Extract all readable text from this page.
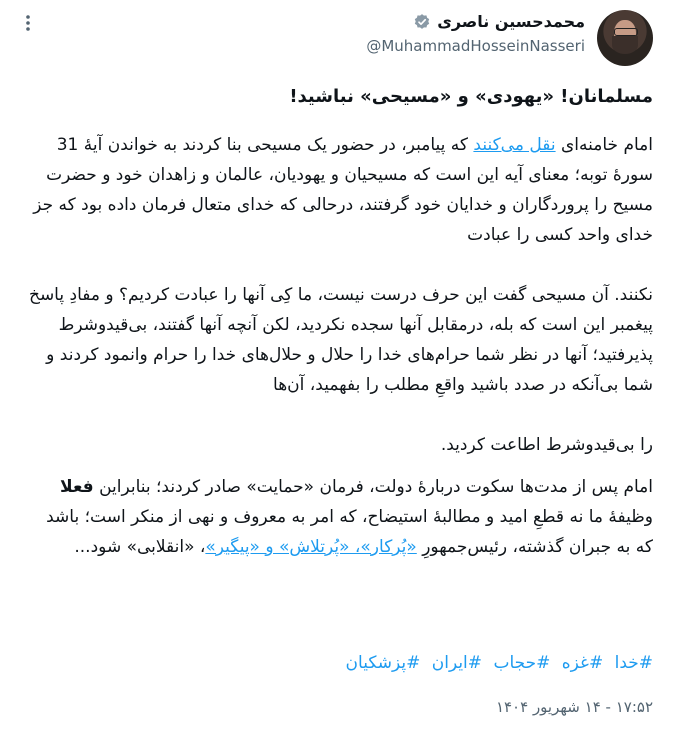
محمدحسین ناصری
@MuhammadHosseinNasseri
مسلمانان! «یهودی» و «مسیحی» نباشید!

امام خامنه‌ای نقل می‌کنند که پیامبر، در حضور یک مسیحی بنا کردند به خواندن آیهٔ 31 سورهٔ توبه؛ معنای آیه این است که مسیحیان و یهودیان، عالمان و زاهدان خود و حضرت مسیح را پروردگاران و خدایان خود گرفتند، درحالی که خدای متعال فرمان داده بود که جز خدای واحد کسی را عبادت

نکنند. آن مسیحی گفت این حرف درست نیست، ما کِی آنها را عبادت کردیم؟ و مفادِ پاسخ پیغمبر این است که بله، درمقابل آنها سجده نکردید، لکن آنچه آنها گفتند، بی‌قیدوشرط پذیرفتید؛ آنها در نظر شما حرام‌های خدا را حلال و حلال‌های خدا را حرام وانمود کردند و شما بی‌آنکه در صدد باشید واقعِ مطلب را بفهمید، آن‌ها

را بی‌قیدوشرط اطاعت کردید.

امام پس از مدت‌ها سکوت دربارهٔ دولت، فرمان «حمایت» صادر کردند؛ بنابراین فعلا وظیفهٔ ما نه قطعِ امید و مطالبهٔ استیضاح، که امر به معروف و نهی از منکر است؛ باشد که به جبران گذشته، رئیس‌جمهورِ «پُرکار»، «پُرتلاش» و «پیگیر»، «انقلابی» شود...

#خدا #غزه #حجاب #ایران #پزشکیان
۱۷:۵۲ - ۱۴ شهریور ۱۴۰۴
